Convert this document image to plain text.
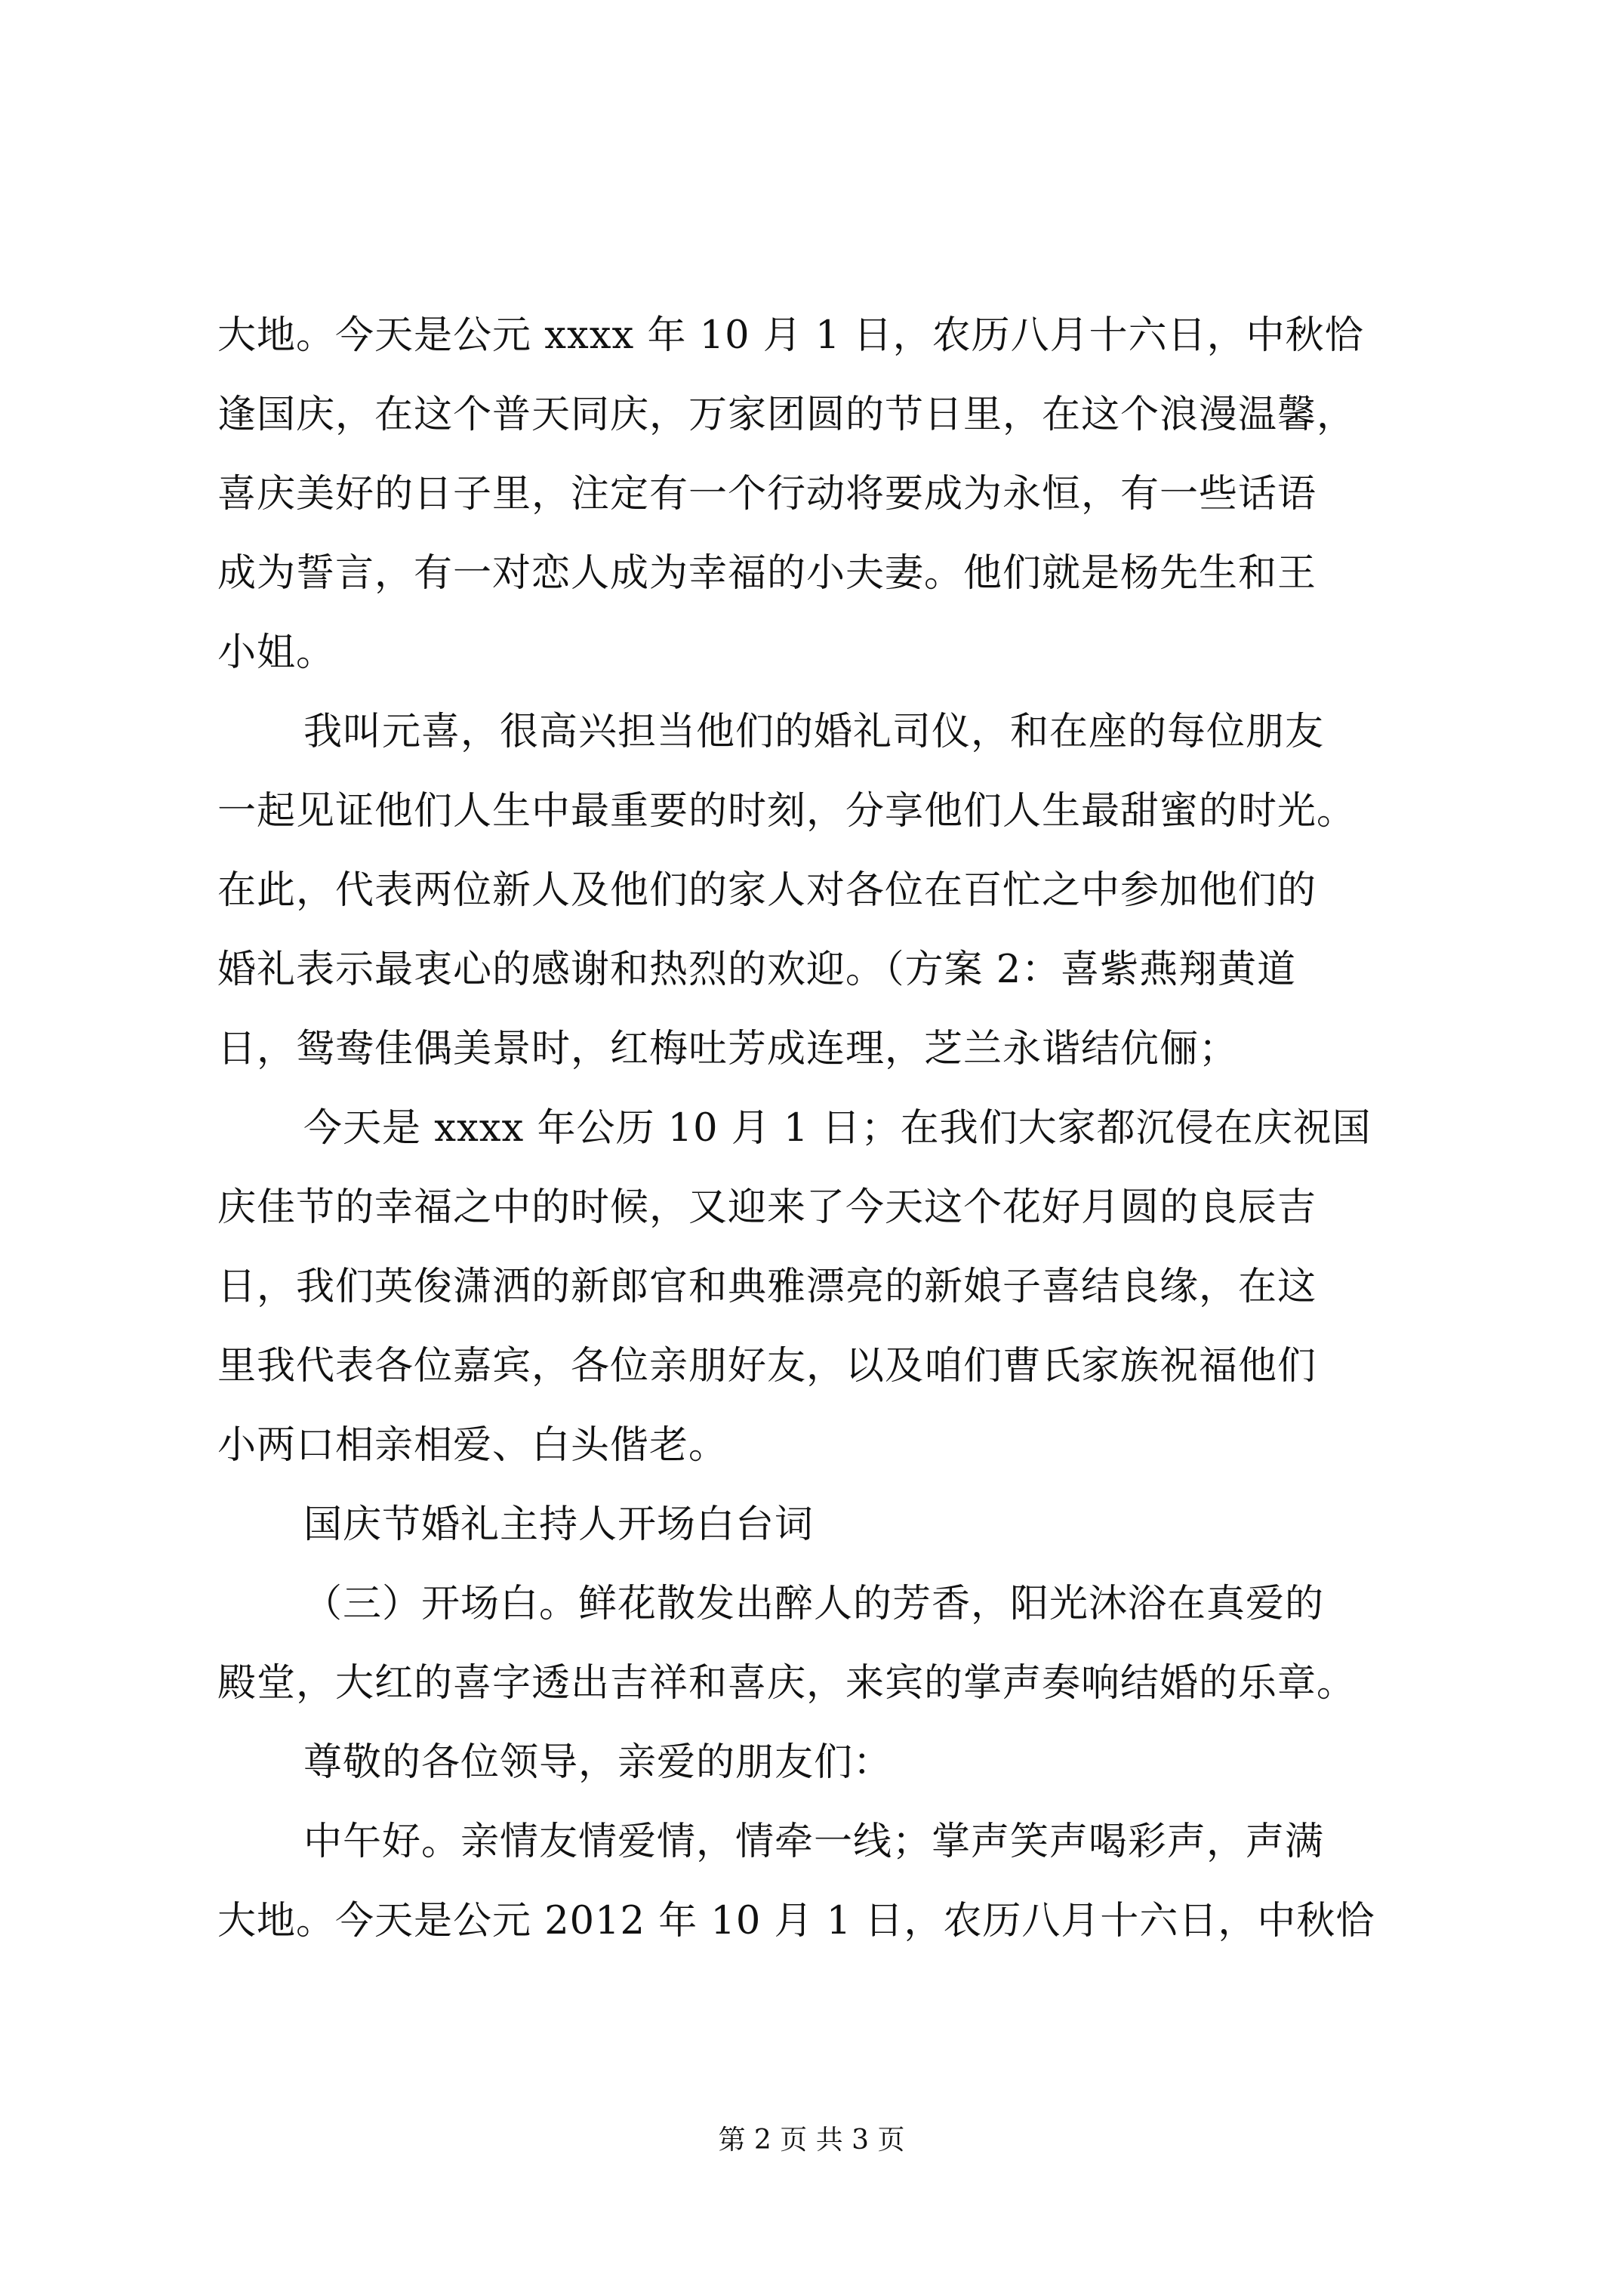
大地。今天是公元 xxxx 年 10 月 1 日，农历八月十六日，中秋恰
逢国庆，在这个普天同庆，万家团圆的节日里，在这个浪漫温馨，
喜庆美好的日子里，注定有一个行动将要成为永恒，有一些话语
成为誓言，有一对恋人成为幸福的小夫妻。他们就是杨先生和王
小姐。
我叫元喜，很高兴担当他们的婚礼司仪，和在座的每位朋友
一起见证他们人生中最重要的时刻，分享他们人生最甜蜜的时光。
在此，代表两位新人及他们的家人对各位在百忙之中参加他们的
婚礼表示最衷心的感谢和热烈的欢迎。（方案 2：喜紫燕翔黄道
日，鸳鸯佳偶美景时，红梅吐芳成连理，芝兰永谐结伉俪；
今天是 xxxx 年公历 10 月 1 日；在我们大家都沉侵在庆祝国
庆佳节的幸福之中的时候，又迎来了今天这个花好月圆的良辰吉
日，我们英俊潇洒的新郎官和典雅漂亮的新娘子喜结良缘，在这
里我代表各位嘉宾，各位亲朋好友，以及咱们曹氏家族祝福他们
小两口相亲相爱、白头偕老。
国庆节婚礼主持人开场白台词
（三）开场白。鲜花散发出醉人的芳香，阳光沐浴在真爱的
殿堂，大红的喜字透出吉祥和喜庆，来宾的掌声奏响结婚的乐章。
尊敬的各位领导，亲爱的朋友们：
中午好。亲情友情爱情，情牵一线；掌声笑声喝彩声，声满
大地。今天是公元 2012 年 10 月 1 日，农历八月十六日，中秋恰
第 2 页 共 3 页
